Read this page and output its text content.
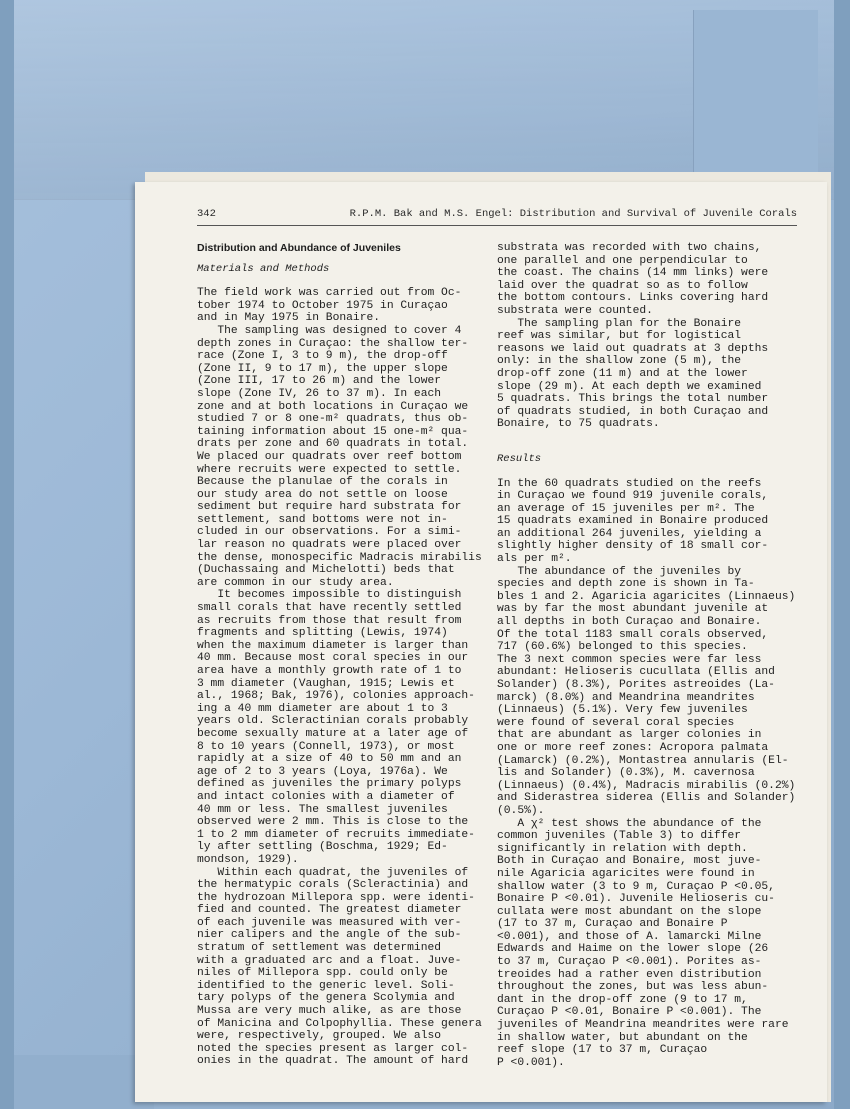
342	R.P.M. Bak and M.S. Engel: Distribution and Survival of Juvenile Corals
Distribution and Abundance of Juveniles
Materials and Methods
The field work was carried out from Oc-
tober 1974 to October 1975 in Curaçao
and in May 1975 in Bonaire.
The sampling was designed to cover 4
depth zones in Curaçao: the shallow ter-
race (Zone I, 3 to 9 m), the drop-off
(Zone II, 9 to 17 m), the upper slope
(Zone III, 17 to 26 m) and the lower
slope (Zone IV, 26 to 37 m). In each
zone and at both locations in Curaçao we
studied 7 or 8 one-m² quadrats, thus ob-
taining information about 15 one-m² qua-
drats per zone and 60 quadrats in total.
We placed our quadrats over reef bottom
where recruits were expected to settle.
Because the planulae of the corals in
our study area do not settle on loose
sediment but require hard substrata for
settlement, sand bottoms were not in-
cluded in our observations. For a simi-
lar reason no quadrats were placed over
the dense, monospecific Madracis mirabilis
(Duchassaing and Michelotti) beds that
are common in our study area.
It becomes impossible to distinguish
small corals that have recently settled
as recruits from those that result from
fragments and splitting (Lewis, 1974)
when the maximum diameter is larger than
40 mm. Because most coral species in our
area have a monthly growth rate of 1 to
3 mm diameter (Vaughan, 1915; Lewis et
al., 1968; Bak, 1976), colonies approach-
ing a 40 mm diameter are about 1 to 3
years old. Scleractinian corals probably
become sexually mature at a later age of
8 to 10 years (Connell, 1973), or most
rapidly at a size of 40 to 50 mm and an
age of 2 to 3 years (Loya, 1976a). We
defined as juveniles the primary polyps
and intact colonies with a diameter of
40 mm or less. The smallest juveniles
observed were 2 mm. This is close to the
1 to 2 mm diameter of recruits immediate-
ly after settling (Boschma, 1929; Ed-
mondson, 1929).
Within each quadrat, the juveniles of
the hermatypic corals (Scleractinia) and
the hydrozoan Millepora spp. were identi-
fied and counted. The greatest diameter
of each juvenile was measured with ver-
nier calipers and the angle of the sub-
stratum of settlement was determined
with a graduated arc and a float. Juve-
niles of Millepora spp. could only be
identified to the generic level. Soli-
tary polyps of the genera Scolymia and
Mussa are very much alike, as are those
of Manicina and Colpophyllia. These genera
were, respectively, grouped. We also
noted the species present as larger col-
onies in the quadrat. The amount of hard
substrata was recorded with two chains,
one parallel and one perpendicular to
the coast. The chains (14 mm links) were
laid over the quadrat so as to follow
the bottom contours. Links covering hard
substrata were counted.
The sampling plan for the Bonaire
reef was similar, but for logistical
reasons we laid out quadrats at 3 depths
only: in the shallow zone (5 m), the
drop-off zone (11 m) and at the lower
slope (29 m). At each depth we examined
5 quadrats. This brings the total number
of quadrats studied, in both Curaçao and
Bonaire, to 75 quadrats.
Results
In the 60 quadrats studied on the reefs
in Curaçao we found 919 juvenile corals,
an average of 15 juveniles per m². The
15 quadrats examined in Bonaire produced
an additional 264 juveniles, yielding a
slightly higher density of 18 small cor-
als per m².
The abundance of the juveniles by
species and depth zone is shown in Ta-
bles 1 and 2. Agaricia agaricites (Linnaeus)
was by far the most abundant juvenile at
all depths in both Curaçao and Bonaire.
Of the total 1183 small corals observed,
717 (60.6%) belonged to this species.
The 3 next common species were far less
abundant: Helioseris cucullata (Ellis and
Solander) (8.3%), Porites astreoides (La-
marck) (8.0%) and Meandrina meandrites
(Linnaeus) (5.1%). Very few juveniles
were found of several coral species
that are abundant as larger colonies in
one or more reef zones: Acropora palmata
(Lamarck) (0.2%), Montastrea annularis (El-
lis and Solander) (0.3%), M. cavernosa
(Linnaeus) (0.4%), Madracis mirabilis (0.2%)
and Siderastrea siderea (Ellis and Solander)
(0.5%).
A χ² test shows the abundance of the
common juveniles (Table 3) to differ
significantly in relation with depth.
Both in Curaçao and Bonaire, most juve-
nile Agaricia agaricites were found in
shallow water (3 to 9 m, Curaçao P <0.05,
Bonaire P <0.01). Juvenile Helioseris cu-
cullata were most abundant on the slope
(17 to 37 m, Curaçao and Bonaire P
<0.001), and those of A. lamarcki Milne
Edwards and Haime on the lower slope (26
to 37 m, Curaçao P <0.001). Porites as-
treoides had a rather even distribution
throughout the zones, but was less abun-
dant in the drop-off zone (9 to 17 m,
Curaçao P <0.01, Bonaire P <0.001). The
juveniles of Meandrina meandrites were rare
in shallow water, but abundant on the
reef slope (17 to 37 m, Curaçao
P <0.001).
